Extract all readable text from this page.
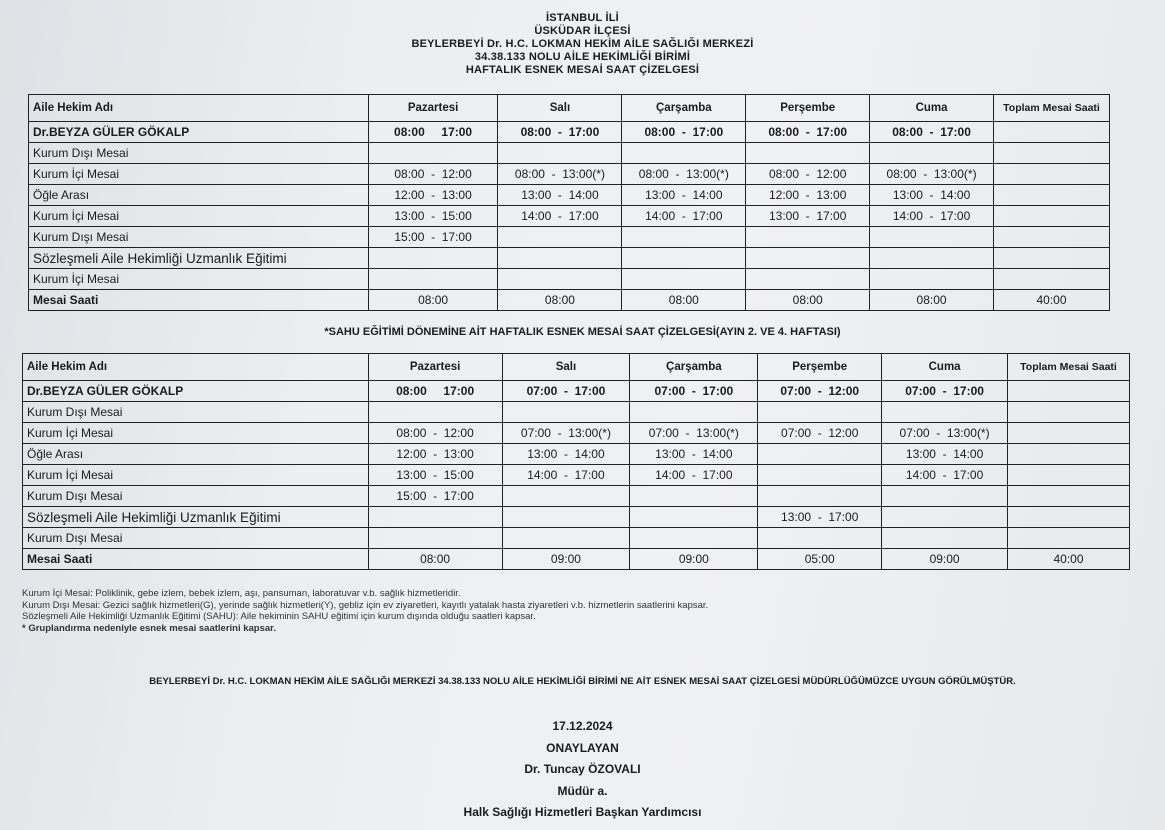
İSTANBUL İLİ
ÜSKÜDAR İLÇESİ
BEYLERBEYİ Dr. H.C. LOKMAN HEKİM AİLE SAĞLIĞI MERKEZİ
34.38.133 NOLU AİLE HEKİMLİĞİ BİRİMİ
HAFTALIK ESNEK MESAİ SAAT ÇİZELGESİ
Aile Hekim Adı	Pazartesi	Salı	Çarşamba	Perşembe	Cuma	Toplam Mesai Saati
Dr.BEYZA GÜLER GÖKALP	08:00     17:00	08:00  -  17:00	08:00  -  17:00	08:00  -  17:00	08:00  -  17:00	
Kurum Dışı Mesai						
Kurum İçi Mesai	08:00  -  12:00	08:00  -  13:00(*)	08:00  -  13:00(*)	08:00  -  12:00	08:00  -  13:00(*)	
Öğle Arası	12:00  -  13:00	13:00  -  14:00	13:00  -  14:00	12:00  -  13:00	13:00  -  14:00	
Kurum İçi Mesai	13:00  -  15:00	14:00  -  17:00	14:00  -  17:00	13:00  -  17:00	14:00  -  17:00	
Kurum Dışı Mesai	15:00  -  17:00					
Sözleşmeli Aile Hekimliği Uzmanlık Eğitimi						
Kurum İçi Mesai						
Mesai Saati	08:00	08:00	08:00	08:00	08:00	40:00
*SAHU EĞİTİMİ DÖNEMİNE AİT HAFTALIK ESNEK MESAİ SAAT ÇİZELGESİ(AYIN 2. VE 4. HAFTASI)
Aile Hekim Adı	Pazartesi	Salı	Çarşamba	Perşembe	Cuma	Toplam Mesai Saati
Dr.BEYZA GÜLER GÖKALP	08:00     17:00	07:00  -  17:00	07:00  -  17:00	07:00  -  12:00	07:00  -  17:00	
Kurum Dışı Mesai						
Kurum İçi Mesai	08:00  -  12:00	07:00  -  13:00(*)	07:00  -  13:00(*)	07:00  -  12:00	07:00  -  13:00(*)	
Öğle Arası	12:00  -  13:00	13:00  -  14:00	13:00  -  14:00		13:00  -  14:00	
Kurum İçi Mesai	13:00  -  15:00	14:00  -  17:00	14:00  -  17:00		14:00  -  17:00	
Kurum Dışı Mesai	15:00  -  17:00					
Sözleşmeli Aile Hekimliği Uzmanlık Eğitimi				13:00  -  17:00		
Kurum Dışı Mesai						
Mesai Saati	08:00	09:00	09:00	05:00	09:00	40:00
Kurum İçi Mesai: Poliklinik, gebe izlem, bebek izlem, aşı, pansuman, laboratuvar v.b. sağlık hizmetleridir.
Kurum Dışı Mesai: Gezici sağlık hizmetleri(G), yerinde sağlık hizmetleri(Y), gebliz için ev ziyaretleri, kayıtlı yatalak hasta ziyaretleri v.b. hizmetlerin saatlerini kapsar.
Sözleşmeli Aile Hekimliği Uzmanlık Eğitimi (SAHU): Aile hekiminin SAHU eğitimi için kurum dışında olduğu saatleri kapsar.
* Gruplandırma nedeniyle esnek mesai saatlerini kapsar.
BEYLERBEYİ Dr. H.C. LOKMAN HEKİM AİLE SAĞLIĞI MERKEZİ 34.38.133 NOLU AİLE HEKİMLİĞİ BİRİMİ NE AİT ESNEK MESAİ SAAT ÇİZELGESİ MÜDÜRLÜĞÜMÜZCE UYGUN GÖRÜLMÜŞTÜR.
17.12.2024
ONAYLAYAN
Dr. Tuncay ÖZOVALI
Müdür a.
Halk Sağlığı Hizmetleri Başkan Yardımcısı
